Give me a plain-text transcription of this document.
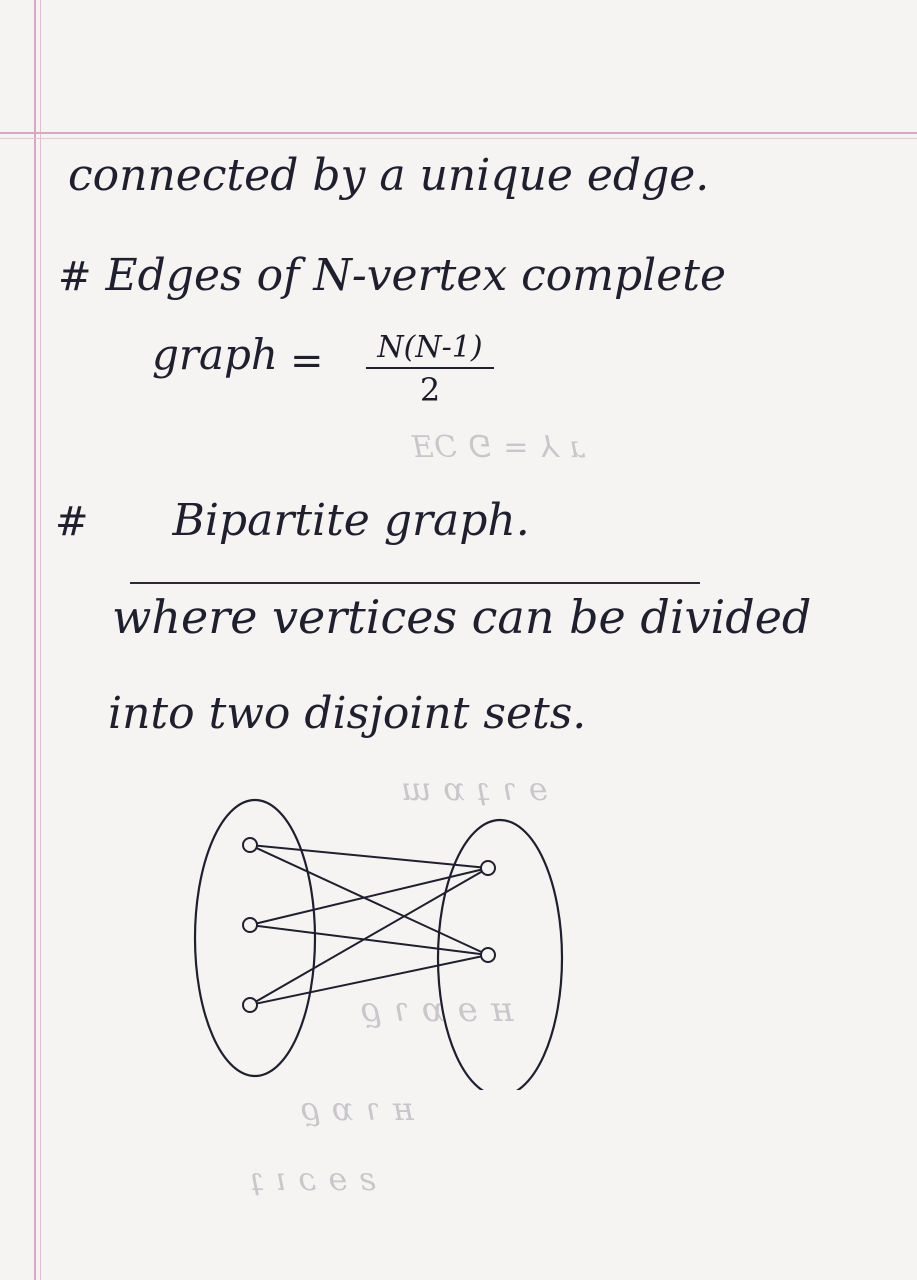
ɹ ⅄ = ⅁ ↃƎ
ɘ ɿ ʇ ɒ ɯ
ʜ ɘ ɒ ɿ ϱ
ʜ ɿ ɒ ϱ
ƨ ɘ ɔ ı ʇ
connected by a unique edge.
# Edges of N-vertex complete
graph =	N(N-1)
2
# Bipartite graph.
where vertices can be divided
into two disjoint sets.
